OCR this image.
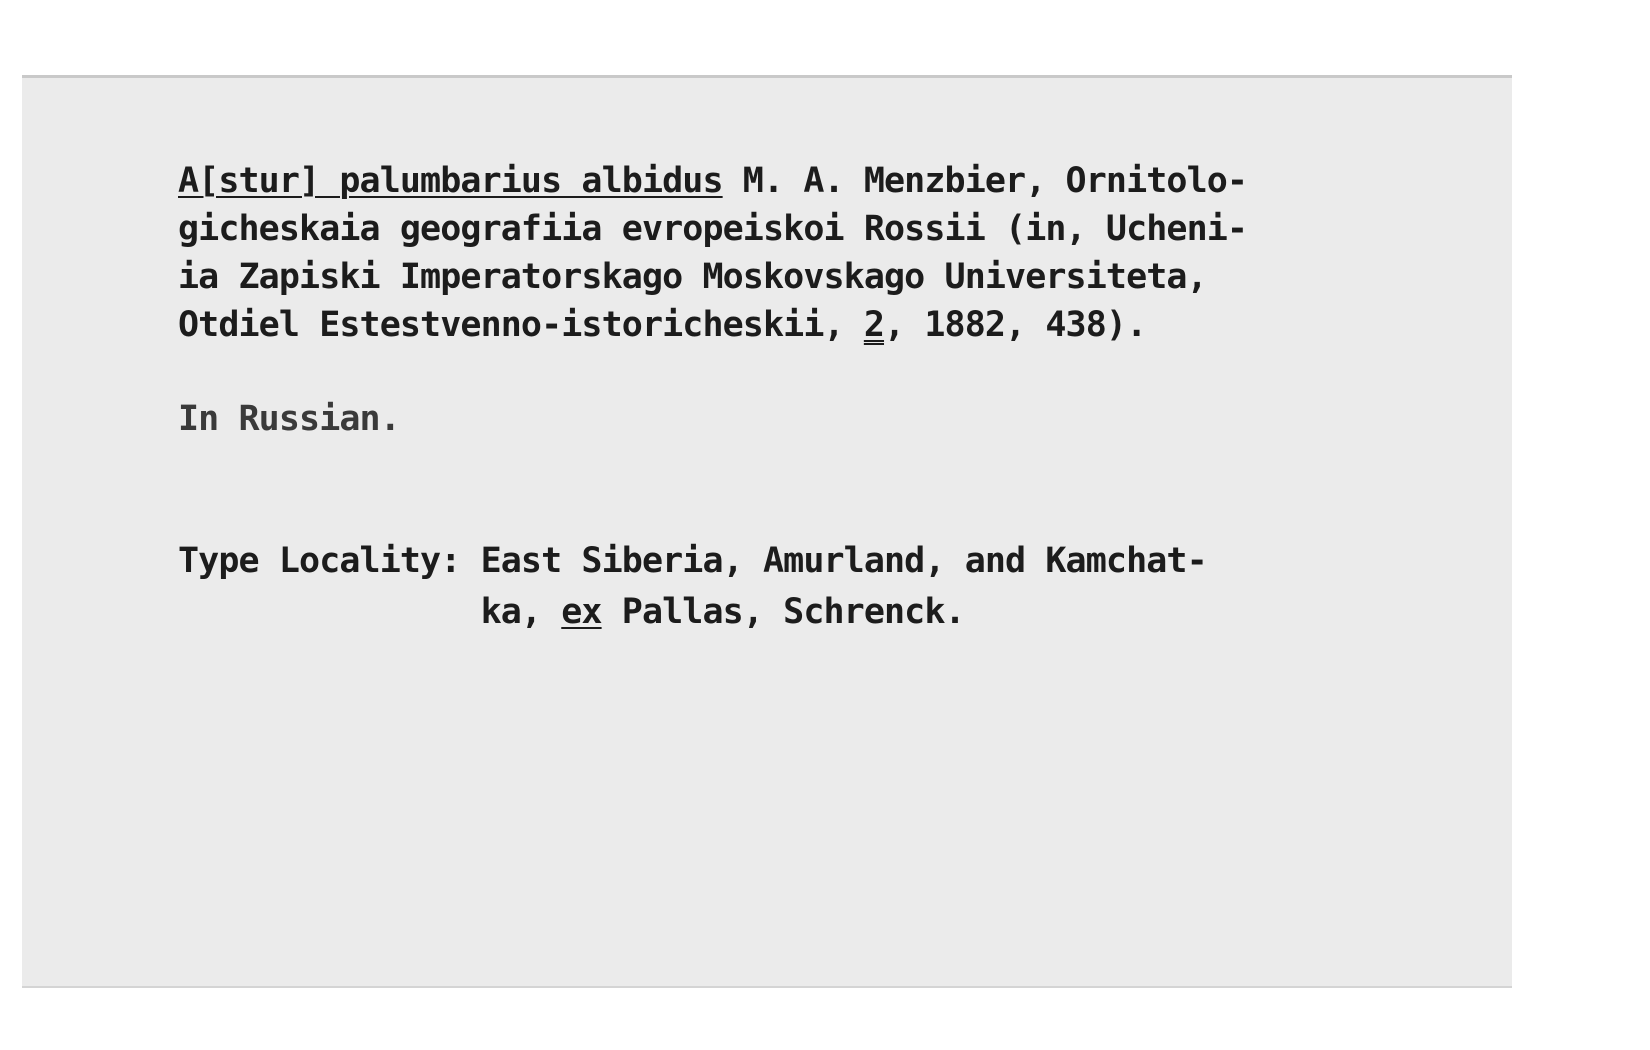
A[stur] palumbarius albidus M. A. Menzbier, Ornitolo-
gicheskaia geografiia evropeiskoi Rossii (in, Ucheni-
ia Zapiski Imperatorskago Moskovskago Universiteta,
Otdiel Estestvenno-istoricheskii, 2, 1882, 438).
In Russian.
Type Locality: East Siberia, Amurland, and Kamchat-
ka, ex Pallas, Schrenck.
